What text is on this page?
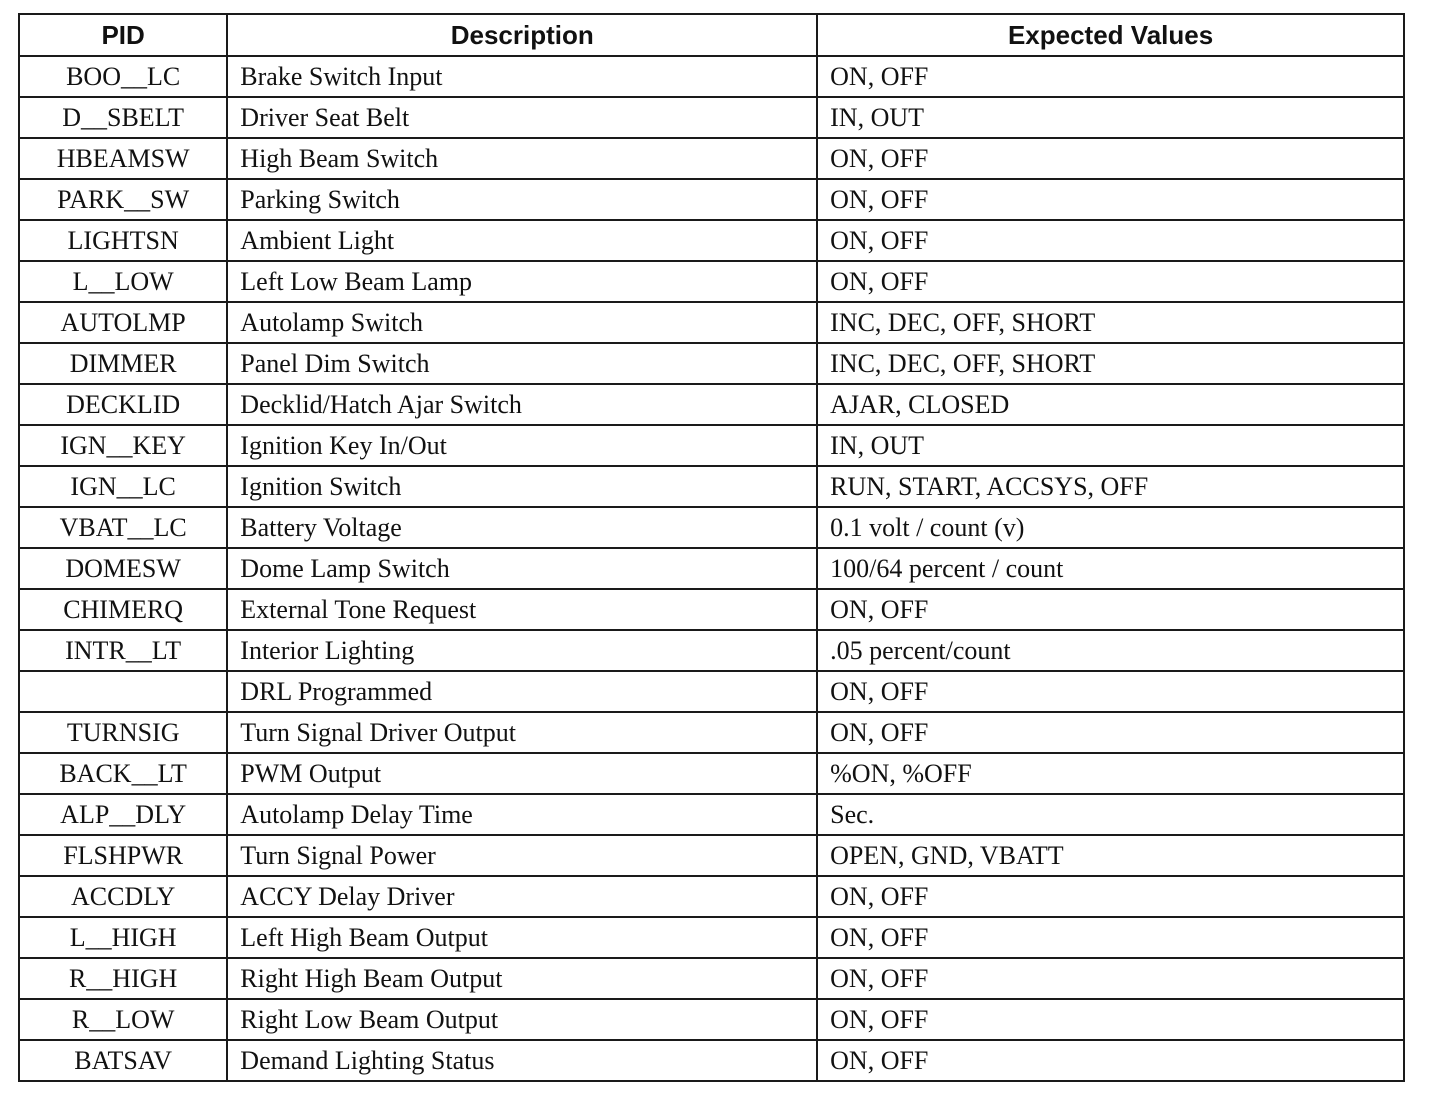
PID	Description	Expected Values
BOO__LC	Brake Switch Input	ON, OFF
D__SBELT	Driver Seat Belt	IN, OUT
HBEAMSW	High Beam Switch	ON, OFF
PARK__SW	Parking Switch	ON, OFF
LIGHTSN	Ambient Light	ON, OFF
L__LOW	Left Low Beam Lamp	ON, OFF
AUTOLMP	Autolamp Switch	INC, DEC, OFF, SHORT
DIMMER	Panel Dim Switch	INC, DEC, OFF, SHORT
DECKLID	Decklid/Hatch Ajar Switch	AJAR, CLOSED
IGN__KEY	Ignition Key In/Out	IN, OUT
IGN__LC	Ignition Switch	RUN, START, ACCSYS, OFF
VBAT__LC	Battery Voltage	0.1 volt / count (v)
DOMESW	Dome Lamp Switch	100/64 percent / count
CHIMERQ	External Tone Request	ON, OFF
INTR__LT	Interior Lighting	.05 percent/count
	DRL Programmed	ON, OFF
TURNSIG	Turn Signal Driver Output	ON, OFF
BACK__LT	PWM Output	%ON, %OFF
ALP__DLY	Autolamp Delay Time	Sec.
FLSHPWR	Turn Signal Power	OPEN, GND, VBATT
ACCDLY	ACCY Delay Driver	ON, OFF
L__HIGH	Left High Beam Output	ON, OFF
R__HIGH	Right High Beam Output	ON, OFF
R__LOW	Right Low Beam Output	ON, OFF
BATSAV	Demand Lighting Status	ON, OFF
